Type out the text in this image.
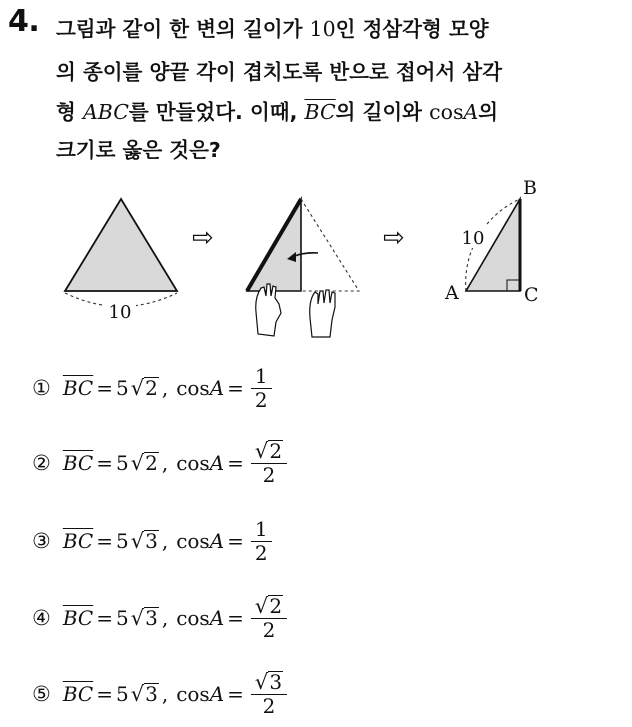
4. 그림과 같이 한 변의 길이가 10인 정삼각형 모양
의 종이를 양끝 각이 겹치도록 반으로 접어서 삼각
형 ABC를 만들었다. 이때, $\overline{BC}$의 길이와 cosA의
크기로 옳은 것은?
10
⇨	⇨	10
A
B
C
① $\overline{BC} = 5$ √ 2 , $\cos A = \frac{1}{2}$
② $\overline{BC} = 5$ √ 2 , $\cos A = \frac{√ 2}{2}$
③ $\overline{BC} = 5$ √ 3 , $\cos A = \frac{1}{2}$
④ $\overline{BC} = 5$ √ 3 , $\cos A = \frac{√ 2}{2}$
⑤ $\overline{BC} = 5$ √ 3 , $\cos A = \frac{√ 3}{2}$
